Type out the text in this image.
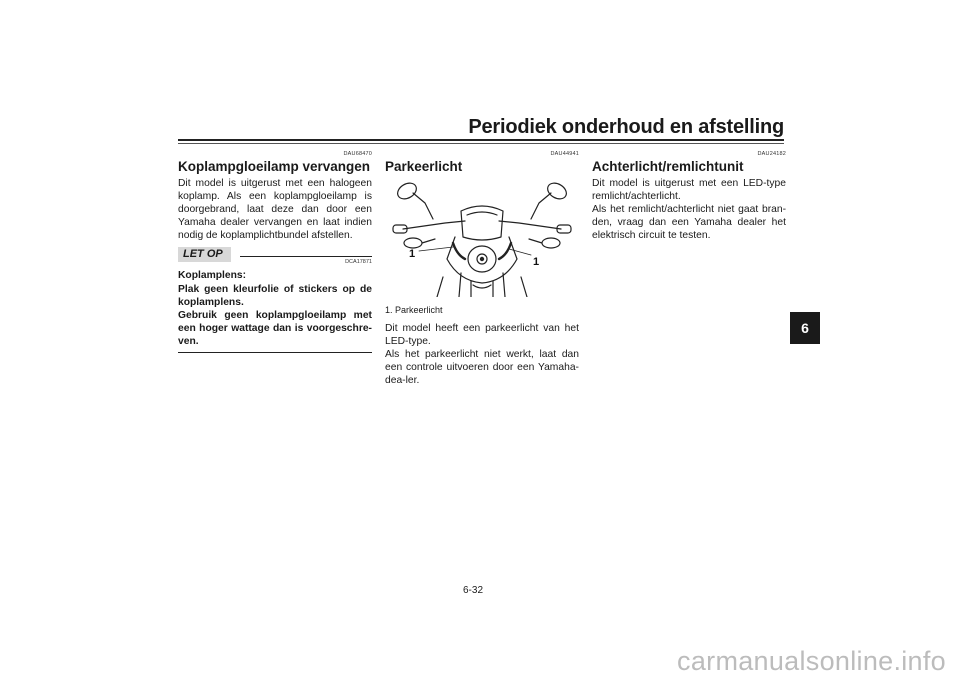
Periodiek onderhoud en afstelling
6
DAU68470
Koplampgloeilamp vervangen

Dit model is uitgerust met een halogeen koplamp. Als een koplampgloeilamp is doorgebrand, laat deze dan door een Yamaha dealer vervangen en laat indien nodig de koplamplichtbundel afstellen.

LET OP
DCA17871

Koplamplens:

Plak geen kleurfolie of stickers op de koplamplens.

Gebruik geen koplampgloeilamp met een hoger wattage dan is voorgeschre-ven.

DAU44941
Parkeerlicht
1
1

1. Parkeerlicht

Dit model heeft een parkeerlicht van het LED-type.

Als het parkeerlicht niet werkt, laat dan een controle uitvoeren door een Yamaha-dea-ler.

DAU24182
Achterlicht/remlichtunit

Dit model is uitgerust met een LED-type remlicht/achterlicht.

Als het remlicht/achterlicht niet gaat bran-den, vraag dan een Yamaha dealer het elektrisch circuit te testen.

6-32
carmanualsonline.info
